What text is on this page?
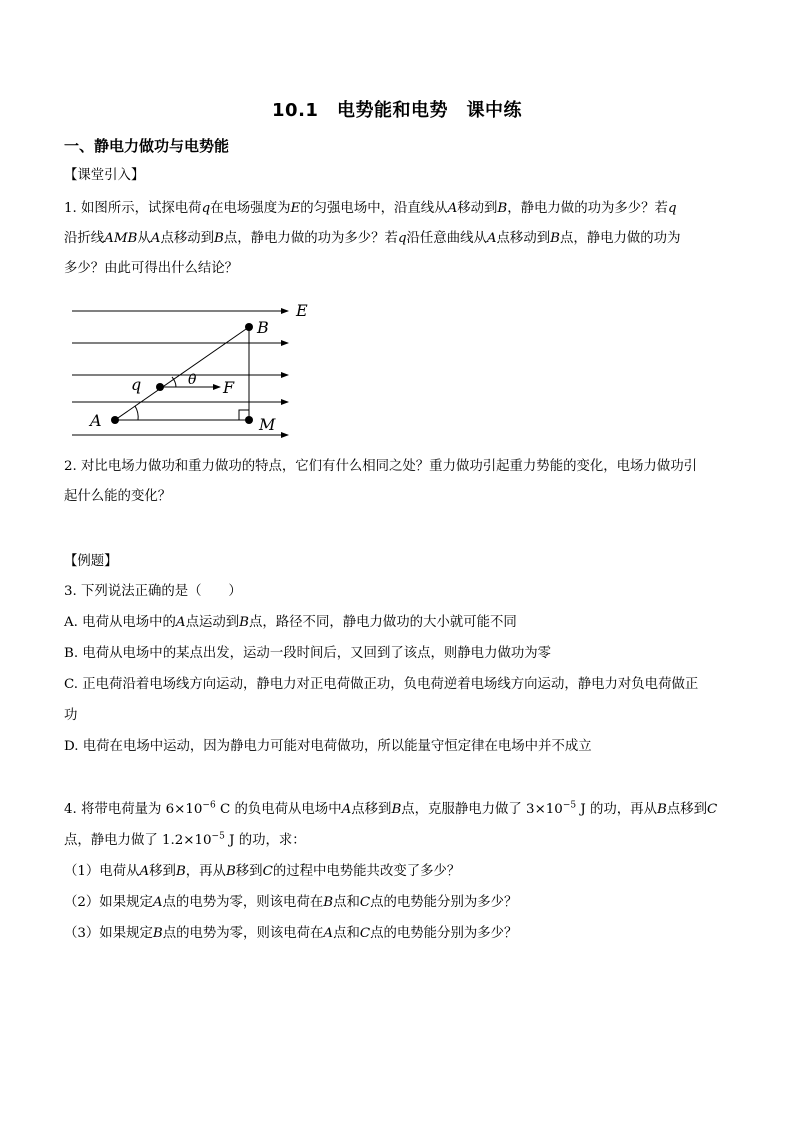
10.1　电势能和电势　课中练
一、静电力做功与电势能
【课堂引入】
1. 如图所示，试探电荷q在电场强度为E的匀强电场中，沿直线从A移动到B，静电力做的功为多少？若q
沿折线AMB从A点移动到B点，静电力做的功为多少？若q沿任意曲线从A点移动到B点，静电力做的功为
多少？由此可得出什么结论？
E
B
q	θ F
A	M
2. 对比电场力做功和重力做功的特点，它们有什么相同之处？重力做功引起重力势能的变化，电场力做功引
起什么能的变化？
【例题】
3. 下列说法正确的是（　　）
A. 电荷从电场中的A点运动到B点，路径不同，静电力做功的大小就可能不同
B. 电荷从电场中的某点出发，运动一段时间后，又回到了该点，则静电力做功为零
C. 正电荷沿着电场线方向运动，静电力对正电荷做正功，负电荷逆着电场线方向运动，静电力对负电荷做正
功
D. 电荷在电场中运动，因为静电力可能对电荷做功，所以能量守恒定律在电场中并不成立
4. 将带电荷量为 $6\times 10^{-6}$ C 的负电荷从电场中A点移到B点，克服静电力做了 $3\times 10^{-5}$ J 的功，再从B点移到C
点，静电力做了 $1.2\times 10^{-5}$ J 的功，求：
（1）电荷从A移到B，再从B移到C的过程中电势能共改变了多少？
（2）如果规定A点的电势为零，则该电荷在B点和C点的电势能分别为多少？
（3）如果规定B点的电势为零，则该电荷在A点和C点的电势能分别为多少？
